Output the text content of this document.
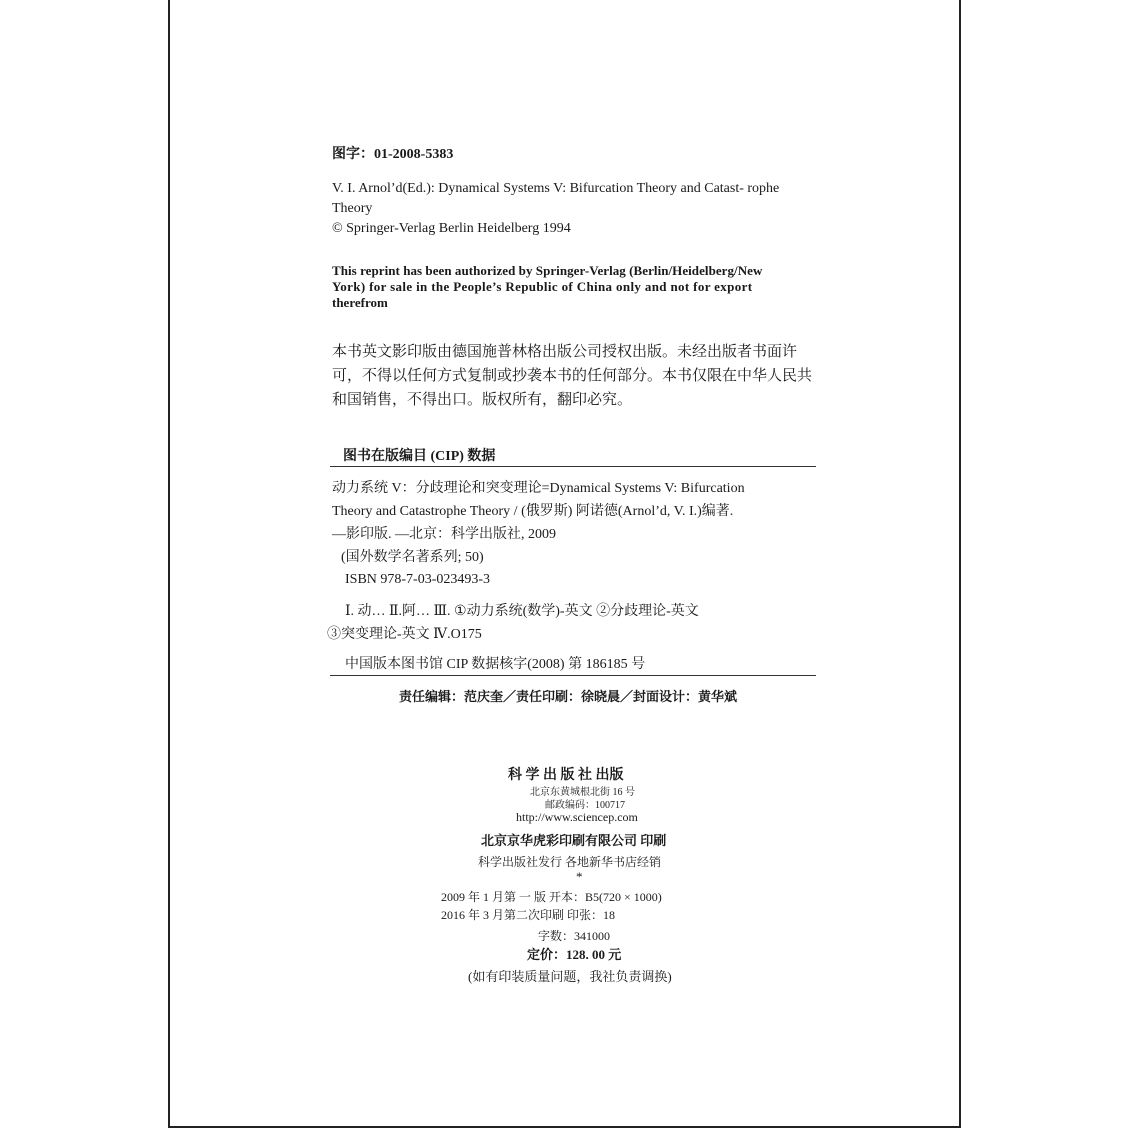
图字：01-2008-5383
V. I. Arnol’d(Ed.): Dynamical Systems V: Bifurcation Theory and Catast- rophe
Theory
© Springer-Verlag Berlin Heidelberg 1994
This reprint has been authorized by Springer-Verlag (Berlin/Heidelberg/New
York) for sale in the People’s Republic of China only and not for export
therefrom
本书英文影印版由德国施普林格出版公司授权出版。未经出版者书面许
可，不得以任何方式复制或抄袭本书的任何部分。本书仅限在中华人民共
和国销售，不得出口。版权所有，翻印必究。
图书在版编目 (CIP) 数据
动力系统 V：分歧理论和突变理论=Dynamical Systems V: Bifurcation
Theory and Catastrophe Theory / (俄罗斯) 阿诺德(Arnol’d, V. I.)编著.
—影印版. —北京：科学出版社, 2009
(国外数学名著系列; 50)
ISBN 978-7-03-023493-3
Ⅰ. 动… Ⅱ.阿… Ⅲ. ①动力系统(数学)-英文 ②分歧理论-英文
③突变理论-英文 Ⅳ.O175
中国版本图书馆 CIP 数据核字(2008) 第 186185 号
责任编辑：范庆奎／责任印刷：徐晓晨／封面设计：黄华斌
科 学 出 版 社 出版
北京东黄城根北街 16 号
邮政编码：100717
http://www.sciencep.com
北京京华虎彩印刷有限公司 印刷
科学出版社发行 各地新华书店经销
*
2009 年 1 月第 一 版 开本：B5(720 × 1000)
2016 年 3 月第二次印刷 印张：18
字数：341000
定价：128. 00 元
(如有印装质量问题，我社负责调换)
